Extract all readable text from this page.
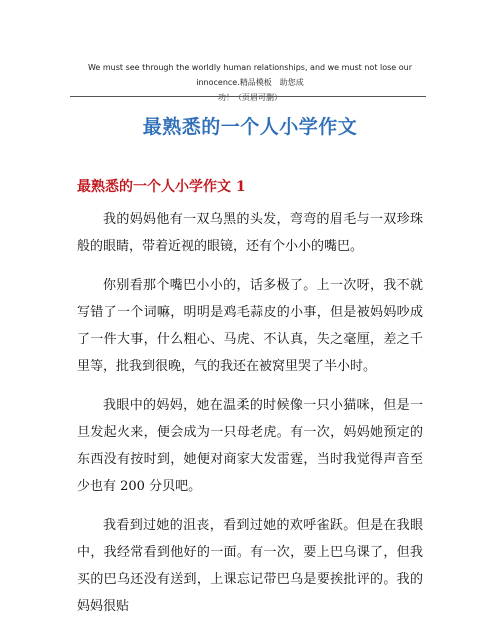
We must see through the worldly human relationships, and we must not lose our innocence.精品模板　助您成
功！（页眉可删）
最熟悉的一个人小学作文
最熟悉的一个人小学作文 1

我的妈妈他有一双乌黑的头发，弯弯的眉毛与一双珍珠般的眼睛，带着近视的眼镜，还有个小小的嘴巴。

你别看那个嘴巴小小的，话多极了。上一次呀，我不就写错了一个词嘛，明明是鸡毛蒜皮的小事，但是被妈妈吵成了一件大事，什么粗心、马虎、不认真，失之毫厘，差之千里等，批我到很晚，气的我还在被窝里哭了半小时。

我眼中的妈妈，她在温柔的时候像一只小猫咪，但是一旦发起火来，便会成为一只母老虎。有一次，妈妈她预定的东西没有按时到，她便对商家大发雷霆，当时我觉得声音至少也有 200 分贝吧。

我看到过她的沮丧，看到过她的欢呼雀跃。但是在我眼中，我经常看到他好的一面。有一次，要上巴乌课了，但我买的巴乌还没有送到，上课忘记带巴乌是要挨批评的。我的妈妈很贴
